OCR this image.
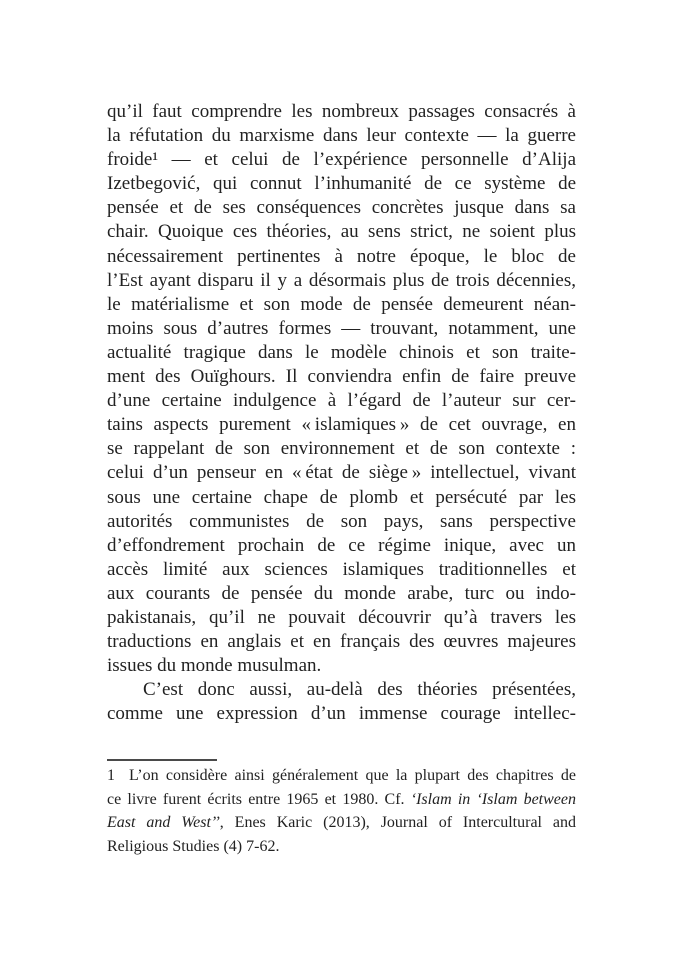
qu’il faut comprendre les nombreux passages consacrés à
la réfutation du marxisme dans leur contexte — la guerre
froide¹ — et celui de l’expérience personnelle d’Alija
Izetbegović, qui connut l’inhumanité de ce système de
pensée et de ses conséquences concrètes jusque dans sa
chair. Quoique ces théories, au sens strict, ne soient plus
nécessairement pertinentes à notre époque, le bloc de
l’Est ayant disparu il y a désormais plus de trois décennies,
le matérialisme et son mode de pensée demeurent néan-
moins sous d’autres formes — trouvant, notamment, une
actualité tragique dans le modèle chinois et son traite-
ment des Ouïghours. Il conviendra enfin de faire preuve
d’une certaine indulgence à l’égard de l’auteur sur cer-
tains aspects purement « islamiques » de cet ouvrage, en
se rappelant de son environnement et de son contexte :
celui d’un penseur en « état de siège » intellectuel, vivant
sous une certaine chape de plomb et persécuté par les
autorités communistes de son pays, sans perspective
d’effondrement prochain de ce régime inique, avec un
accès limité aux sciences islamiques traditionnelles et
aux courants de pensée du monde arabe, turc ou indo-
pakistanais, qu’il ne pouvait découvrir qu’à travers les
traductions en anglais et en français des œuvres majeures
issues du monde musulman.
C’est donc aussi, au-delà des théories présentées,
comme une expression d’un immense courage intellec-
1 L’on considère ainsi généralement que la plupart des chapitres de
ce livre furent écrits entre 1965 et 1980. Cf. ‘Islam in ‘Islam between
East and West’’, Enes Karic (2013), Journal of Intercultural and
Religious Studies (4) 7-62.
